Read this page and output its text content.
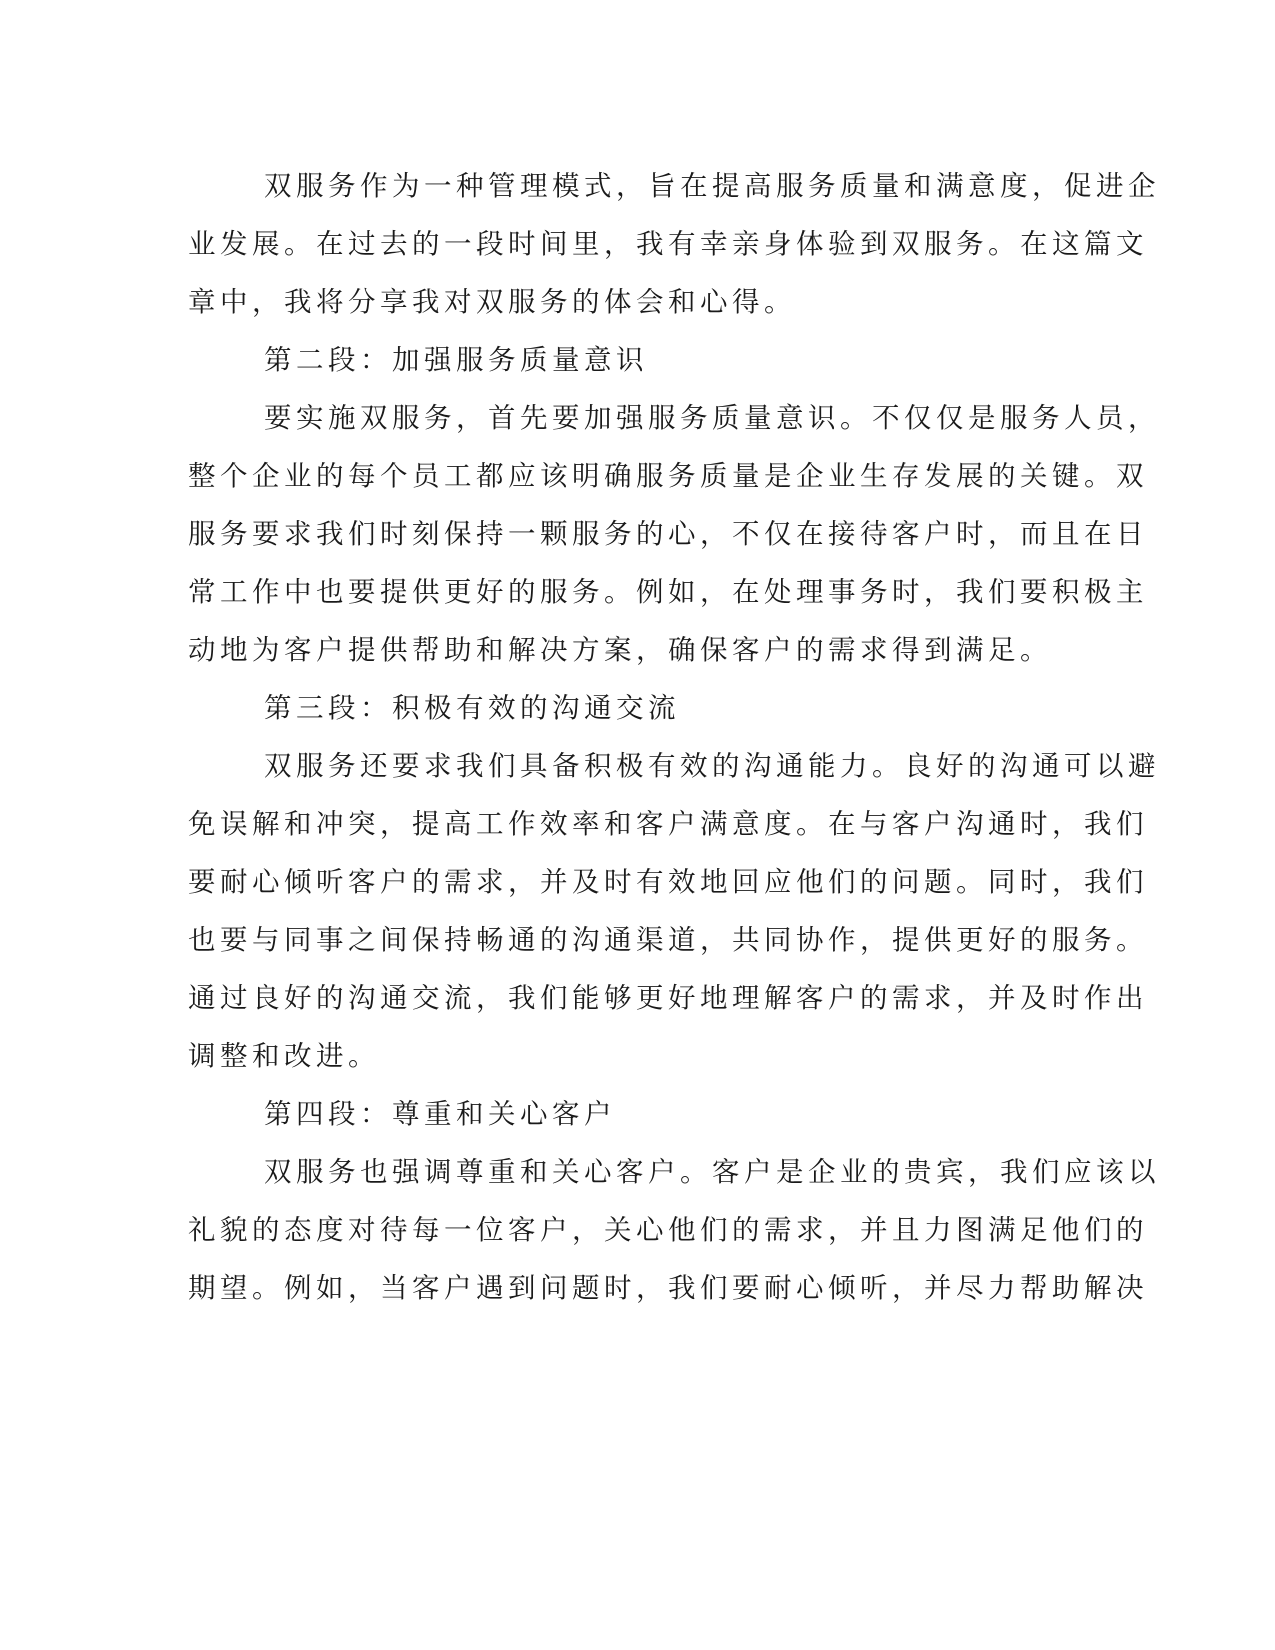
双服务作为一种管理模式，旨在提高服务质量和满意度，促进企
业发展。在过去的一段时间里，我有幸亲身体验到双服务。在这篇文
章中，我将分享我对双服务的体会和心得。
第二段：加强服务质量意识
要实施双服务，首先要加强服务质量意识。不仅仅是服务人员，
整个企业的每个员工都应该明确服务质量是企业生存发展的关键。双
服务要求我们时刻保持一颗服务的心，不仅在接待客户时，而且在日
常工作中也要提供更好的服务。例如，在处理事务时，我们要积极主
动地为客户提供帮助和解决方案，确保客户的需求得到满足。
第三段：积极有效的沟通交流
双服务还要求我们具备积极有效的沟通能力。良好的沟通可以避
免误解和冲突，提高工作效率和客户满意度。在与客户沟通时，我们
要耐心倾听客户的需求，并及时有效地回应他们的问题。同时，我们
也要与同事之间保持畅通的沟通渠道，共同协作，提供更好的服务。
通过良好的沟通交流，我们能够更好地理解客户的需求，并及时作出
调整和改进。
第四段：尊重和关心客户
双服务也强调尊重和关心客户。客户是企业的贵宾，我们应该以
礼貌的态度对待每一位客户，关心他们的需求，并且力图满足他们的
期望。例如，当客户遇到问题时，我们要耐心倾听，并尽力帮助解决
